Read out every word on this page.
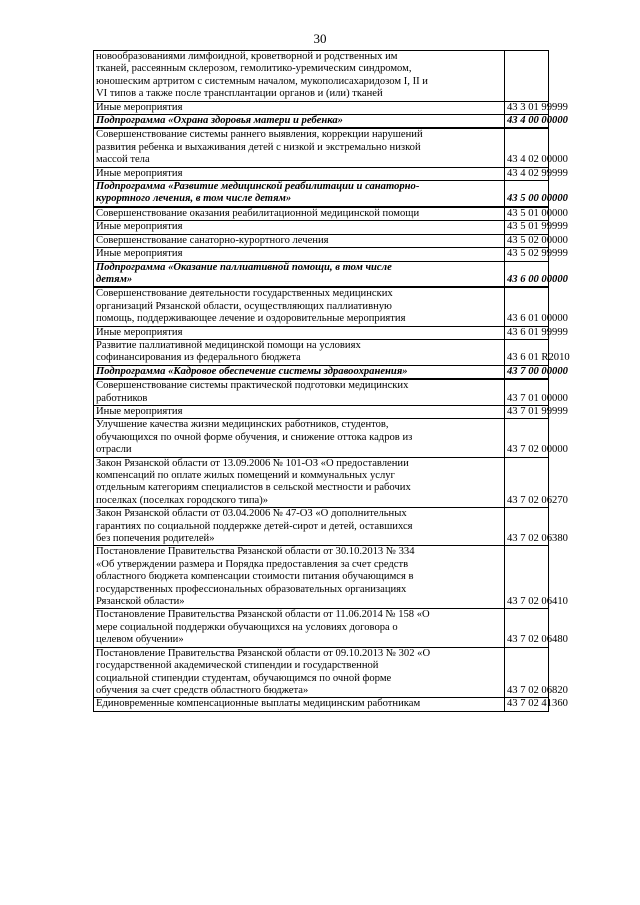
30
новообразованиями лимфоидной, кроветворной и родственных им
тканей, рассеянным склерозом, гемолитико-уремическим синдромом,
юношеским артритом с системным началом, мукополисахаридозом I, II и
VI типов а также после трансплантации органов и (или) тканей	

Иные мероприятия	43 3 01 99999

Подпрограмма «Охрана здоровья матери и ребенка»	43 4 00 00000

Совершенствование системы раннего выявления, коррекции нарушений
развития ребенка и выхаживания детей с низкой и экстремально низкой
массой тела	43 4 02 00000

Иные мероприятия	43 4 02 99999

Подпрограмма «Развитие медицинской реабилитации и санаторно-
курортного лечения, в том числе детям»	43 5 00 00000

Совершенствование оказания реабилитационной медицинской помощи	43 5 01 00000

Иные мероприятия	43 5 01 99999

Совершенствование санаторно-курортного лечения	43 5 02 00000

Иные мероприятия	43 5 02 99999

Подпрограмма «Оказание паллиативной помощи, в том числе
детям»	43 6 00 00000

Совершенствование деятельности государственных медицинских
организаций Рязанской области, осуществляющих паллиативную
помощь, поддерживающее лечение и оздоровительные мероприятия	43 6 01 00000

Иные мероприятия	43 6 01 99999

Развитие паллиативной медицинской помощи на условиях
софинансирования из федерального бюджета	43 6 01 R2010

Подпрограмма «Кадровое обеспечение системы здравоохранения»	43 7 00 00000

Совершенствование системы практической подготовки медицинских
работников	43 7 01 00000

Иные мероприятия	43 7 01 99999

Улучшение качества жизни медицинских работников, студентов,
обучающихся по очной форме обучения, и снижение оттока кадров из
отрасли	43 7 02 00000

Закон Рязанской области от 13.09.2006 № 101-ОЗ «О предоставлении
компенсаций по оплате жилых помещений и коммунальных услуг
отдельным категориям специалистов в сельской местности и рабочих
поселках (поселках городского типа)»	43 7 02 06270

Закон Рязанской области от 03.04.2006 № 47-ОЗ «О дополнительных
гарантиях по социальной поддержке детей-сирот и детей, оставшихся
без попечения родителей»	43 7 02 06380

Постановление Правительства Рязанской области от 30.10.2013 № 334
«Об утверждении размера и Порядка предоставления за счет средств
областного бюджета компенсации стоимости питания обучающимся в
государственных профессиональных образовательных организациях
Рязанской области»	43 7 02 06410

Постановление Правительства Рязанской области от 11.06.2014 № 158 «О
мере социальной поддержки обучающихся на условиях договора о
целевом обучении»	43 7 02 06480

Постановление Правительства Рязанской области от 09.10.2013 № 302 «О
государственной академической стипендии и государственной
социальной стипендии студентам, обучающимся по очной форме
обучения за счет средств областного бюджета»	43 7 02 06820

Единовременные компенсационные выплаты медицинским работникам	43 7 02 41360
